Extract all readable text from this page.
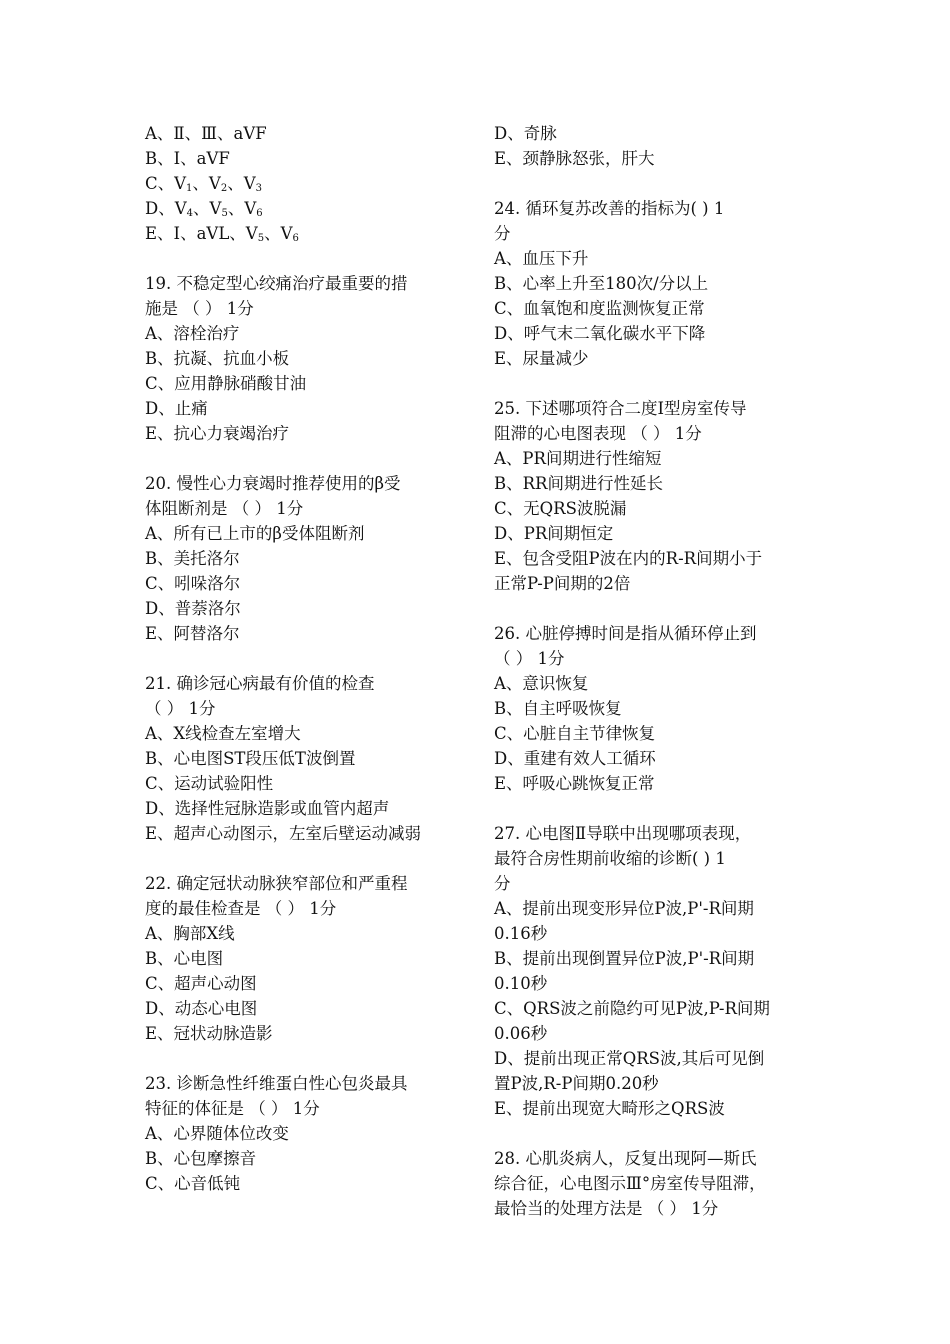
A、Ⅱ、Ⅲ、aVF
B、Ⅰ、aVF
C、$V_1$、$V_2$、$V_3$
D、$V_4$、$V_5$、$V_6$
E、Ⅰ、aVL、$V_5$、$V_6$
19. 不稳定型心绞痛治疗最重要的措
施是 （ ） 1分
A、溶栓治疗
B、抗凝、抗血小板
C、应用静脉硝酸甘油
D、止痛
E、抗心力衰竭治疗
20. 慢性心力衰竭时推荐使用的β受
体阻断剂是 （ ） 1分
A、所有已上市的β受体阻断剂
B、美托洛尔
C、吲哚洛尔
D、普萘洛尔
E、阿替洛尔
21. 确诊冠心病最有价值的检查
（ ） 1分
A、X线检查左室增大
B、心电图ST段压低T波倒置
C、运动试验阳性
D、选择性冠脉造影或血管内超声
E、超声心动图示，左室后壁运动减弱
22. 确定冠状动脉狭窄部位和严重程
度的最佳检查是 （ ） 1分
A、胸部X线
B、心电图
C、超声心动图
D、动态心电图
E、冠状动脉造影
23. 诊断急性纤维蛋白性心包炎最具
特征的体征是 （ ） 1分
A、心界随体位改变
B、心包摩擦音
C、心音低钝
D、奇脉
E、颈静脉怒张，肝大
24. 循环复苏改善的指标为( ) 1
分
A、血压下升
B、心率上升至180次/分以上
C、血氧饱和度监测恢复正常
D、呼气末二氧化碳水平下降
E、尿量减少
25. 下述哪项符合二度Ⅰ型房室传导
阻滞的心电图表现 （ ） 1分
A、PR间期进行性缩短
B、RR间期进行性延长
C、无QRS波脱漏
D、PR间期恒定
E、包含受阻P波在内的R-R间期小于
正常P-P间期的2倍
26. 心脏停搏时间是指从循环停止到
（ ） 1分
A、意识恢复
B、自主呼吸恢复
C、心脏自主节律恢复
D、重建有效人工循环
E、呼吸心跳恢复正常
27. 心电图Ⅱ导联中出现哪项表现，
最符合房性期前收缩的诊断( ) 1
分
A、提前出现变形异位P波,P'-R间期
0.16秒
B、提前出现倒置异位P波,P'-R间期
0.10秒
C、QRS波之前隐约可见P波,P-R间期
0.06秒
D、提前出现正常QRS波,其后可见倒
置P波,R-P间期0.20秒
E、提前出现宽大畸形之QRS波
28. 心肌炎病人，反复出现阿—斯氏
综合征，心电图示Ⅲ°房室传导阻滞，
最恰当的处理方法是 （ ） 1分
